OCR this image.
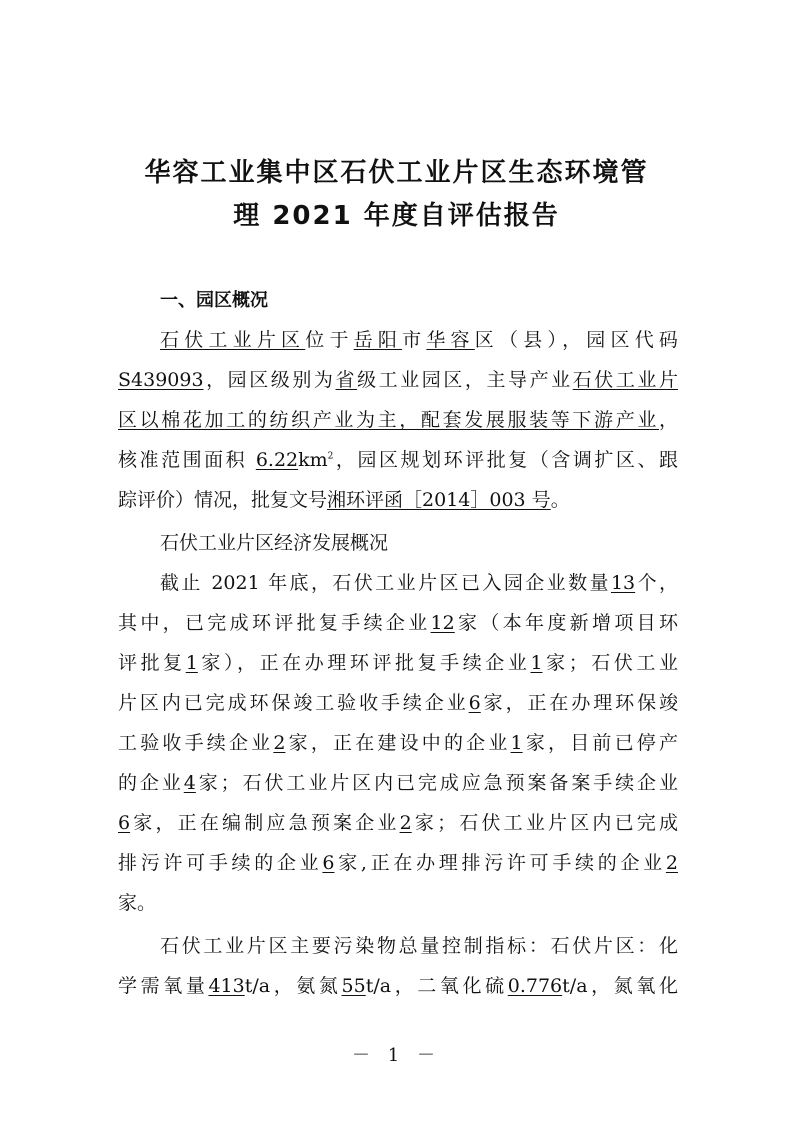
华容工业集中区石伏工业片区生态环境管
理 2021 年度自评估报告
一、园区概况
石伏工业片区位于岳阳市华容区（县），园区代码
S439093，园区级别为省级工业园区，主导产业石伏工业片
区以棉花加工的纺织产业为主，配套发展服装等下游产业，
核准范围面积 $6.22km^2$，园区规划环评批复（含调扩区、跟
踪评价）情况，批复文号湘环评函［2014］003 号。
石伏工业片区经济发展概况
截止 2021 年底，石伏工业片区已入园企业数量13个，
其中，已完成环评批复手续企业12家（本年度新增项目环
评批复1家），正在办理环评批复手续企业1家；石伏工业
片区内已完成环保竣工验收手续企业6家，正在办理环保竣
工验收手续企业2家，正在建设中的企业1家，目前已停产
的企业4家；石伏工业片区内已完成应急预案备案手续企业
6家，正在编制应急预案企业2家；石伏工业片区内已完成
排污许可手续的企业6家,正在办理排污许可手续的企业2
家。
石伏工业片区主要污染物总量控制指标：石伏片区：化
学需氧量413t/a，氨氮55t/a，二氧化硫0.776t/a，氮氧化
－ 1 －
